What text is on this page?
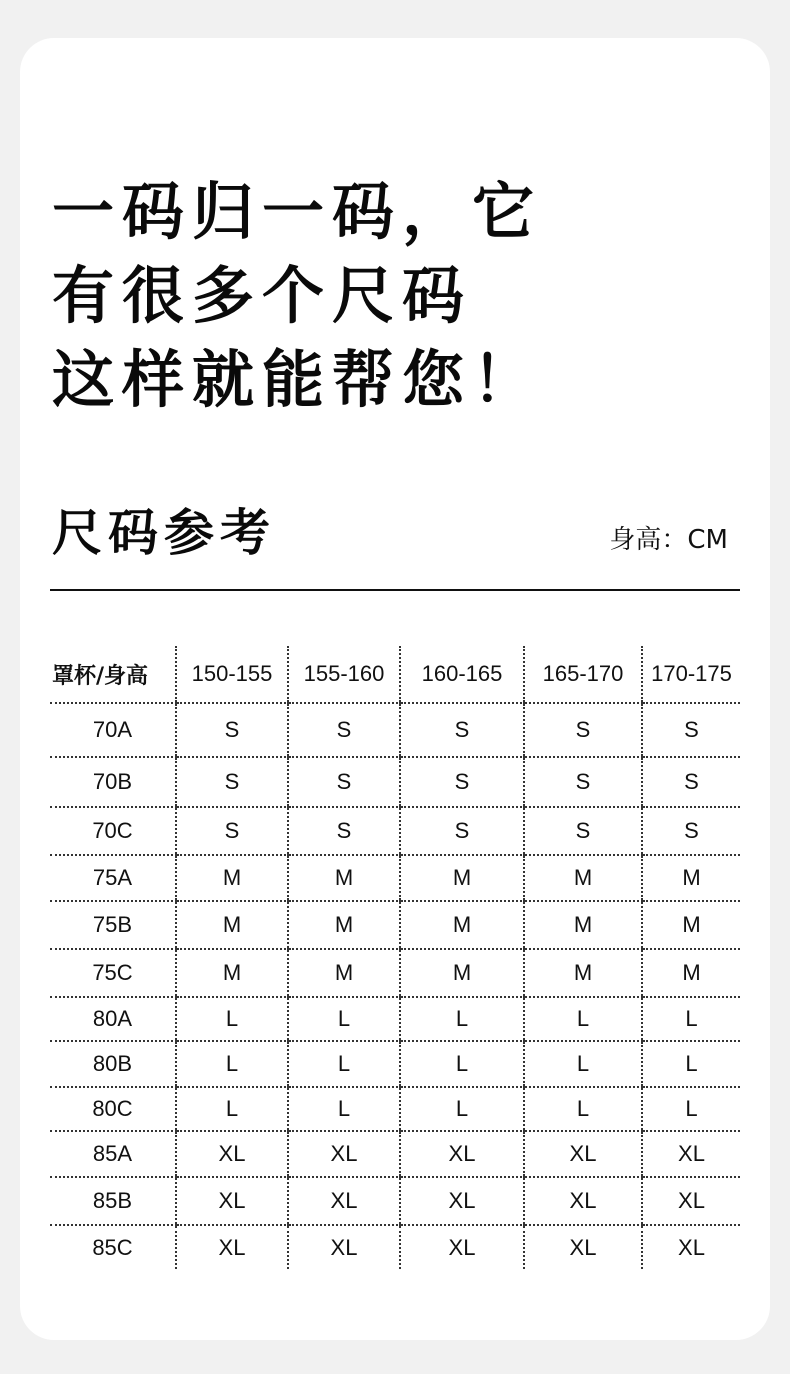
一码归一码，它
有很多个尺码
这样就能帮您！
尺码参考	身高：CM
罩杯/身高	150-155	155-160	160-165	165-170	170-175
70A	S	S	S	S	S
70B	S	S	S	S	S
70C	S	S	S	S	S
75A	M	M	M	M	M
75B	M	M	M	M	M
75C	M	M	M	M	M
80A	L	L	L	L	L
80B	L	L	L	L	L
80C	L	L	L	L	L
85A	XL	XL	XL	XL	XL
85B	XL	XL	XL	XL	XL
85C	XL	XL	XL	XL	XL
